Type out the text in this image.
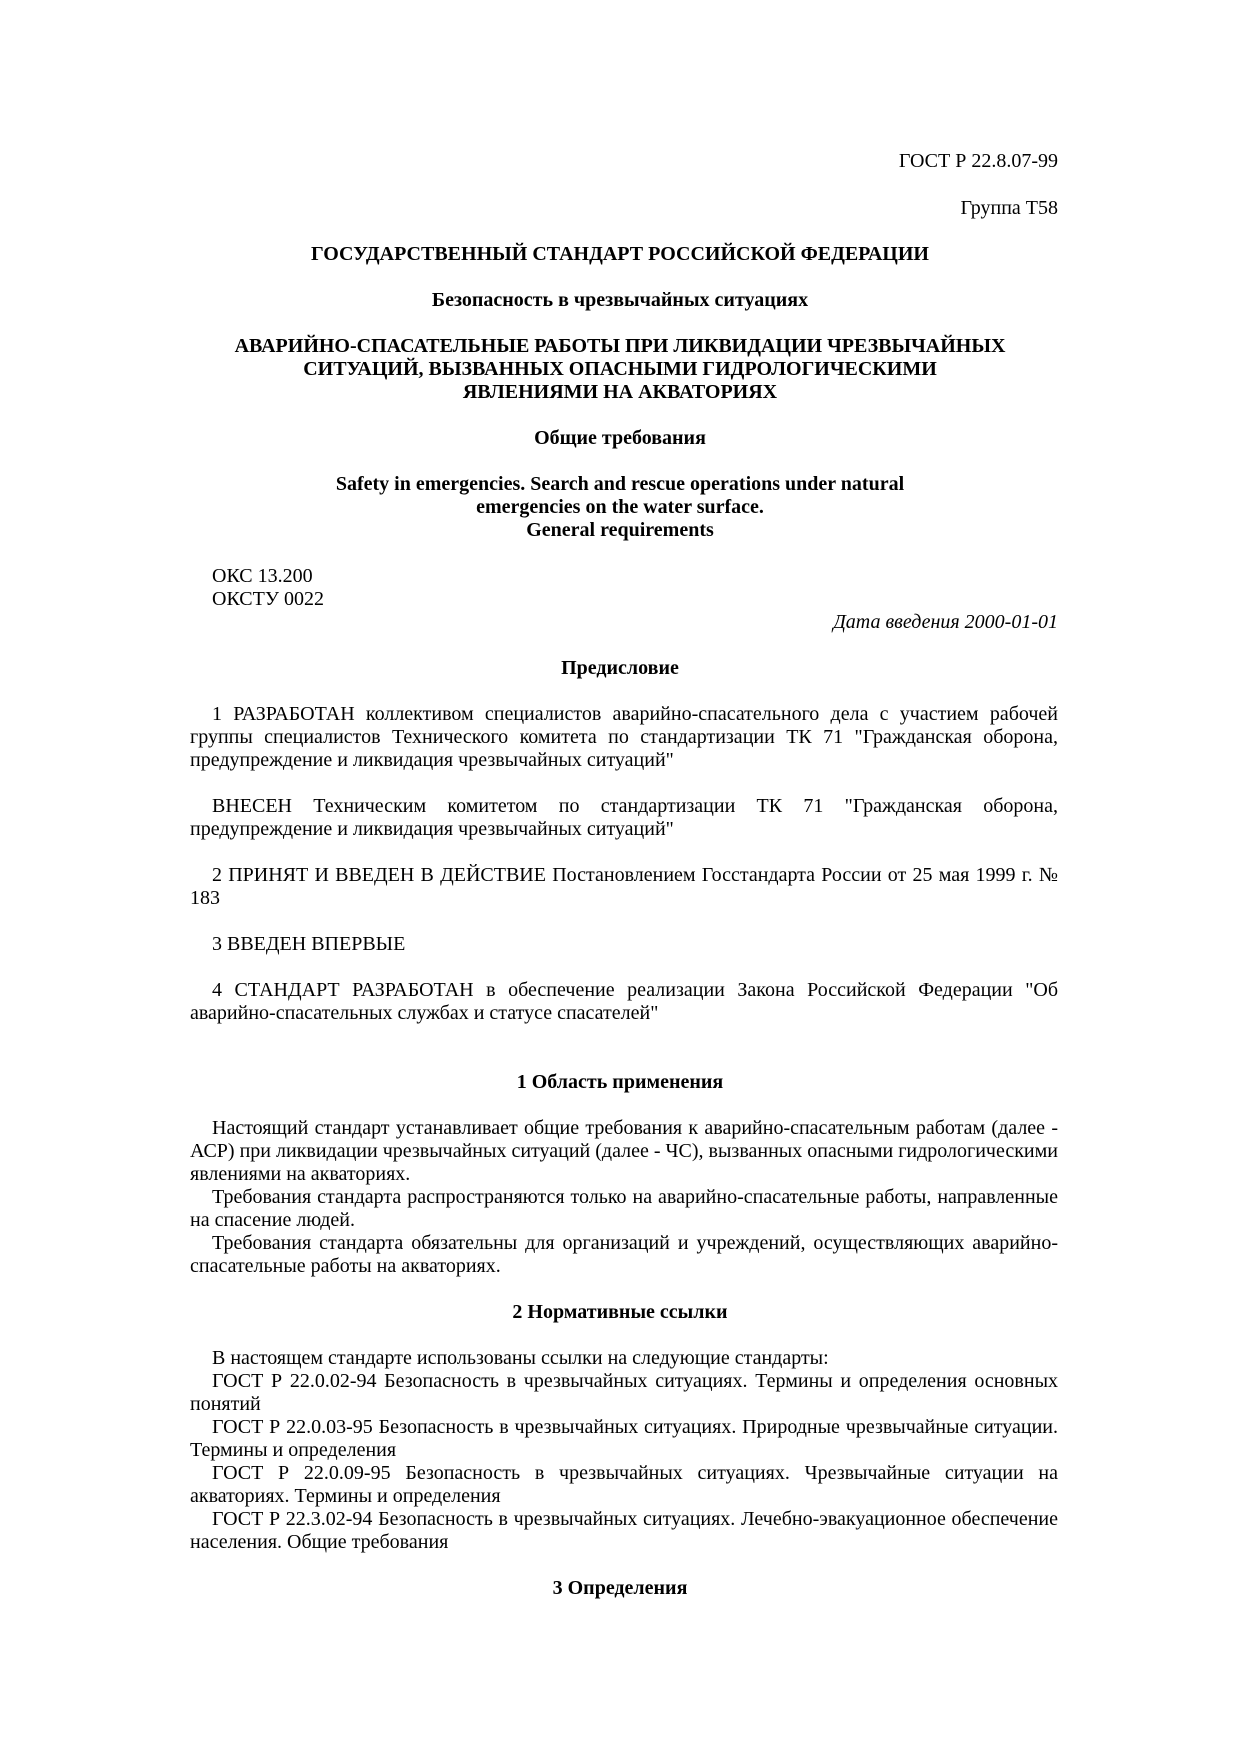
ГОСТ Р 22.8.07-99
Группа Т58
ГОСУДАРСТВЕННЫЙ СТАНДАРТ РОССИЙСКОЙ ФЕДЕРАЦИИ
Безопасность в чрезвычайных ситуациях
АВАРИЙНО-СПАСАТЕЛЬНЫЕ РАБОТЫ ПРИ ЛИКВИДАЦИИ ЧРЕЗВЫЧАЙНЫХ
СИТУАЦИЙ, ВЫЗВАННЫХ ОПАСНЫМИ ГИДРОЛОГИЧЕСКИМИ
ЯВЛЕНИЯМИ НА АКВАТОРИЯХ
Общие требования
Safety in emergencies. Search and rescue operations under natural
emergencies on the water surface.
General requirements
ОКС 13.200
ОКСТУ 0022
Дата введения 2000-01-01
Предисловие

1 РАЗРАБОТАН коллективом специалистов аварийно-спасательного дела с участием рабочей группы специалистов Технического комитета по стандартизации ТК 71 "Гражданская оборона, предупреждение и ликвидация чрезвычайных ситуаций"

ВНЕСЕН Техническим комитетом по стандартизации ТК 71 "Гражданская оборона, предупреждение и ликвидация чрезвычайных ситуаций"

2 ПРИНЯТ И ВВЕДЕН В ДЕЙСТВИЕ Постановлением Госстандарта России от 25 мая 1999 г. № 183

3 ВВЕДЕН ВПЕРВЫЕ

4 СТАНДАРТ РАЗРАБОТАН в обеспечение реализации Закона Российской Федерации "Об аварийно-спасательных службах и статусе спасателей"

1 Область применения

Настоящий стандарт устанавливает общие требования к аварийно-спасательным работам (далее - АСР) при ликвидации чрезвычайных ситуаций (далее - ЧС), вызванных опасными гидрологическими явлениями на акваториях.

Требования стандарта распространяются только на аварийно-спасательные работы, направленные на спасение людей.

Требования стандарта обязательны для организаций и учреждений, осуществляющих аварийно-спасательные работы на акваториях.

2 Нормативные ссылки

В настоящем стандарте использованы ссылки на следующие стандарты:

ГОСТ Р 22.0.02-94 Безопасность в чрезвычайных ситуациях. Термины и определения основных понятий

ГОСТ Р 22.0.03-95 Безопасность в чрезвычайных ситуациях. Природные чрезвычайные ситуации. Термины и определения

ГОСТ Р 22.0.09-95 Безопасность в чрезвычайных ситуациях. Чрезвычайные ситуации на акваториях. Термины и определения

ГОСТ Р 22.3.02-94 Безопасность в чрезвычайных ситуациях. Лечебно-эвакуационное обеспечение населения. Общие требования

3 Определения
